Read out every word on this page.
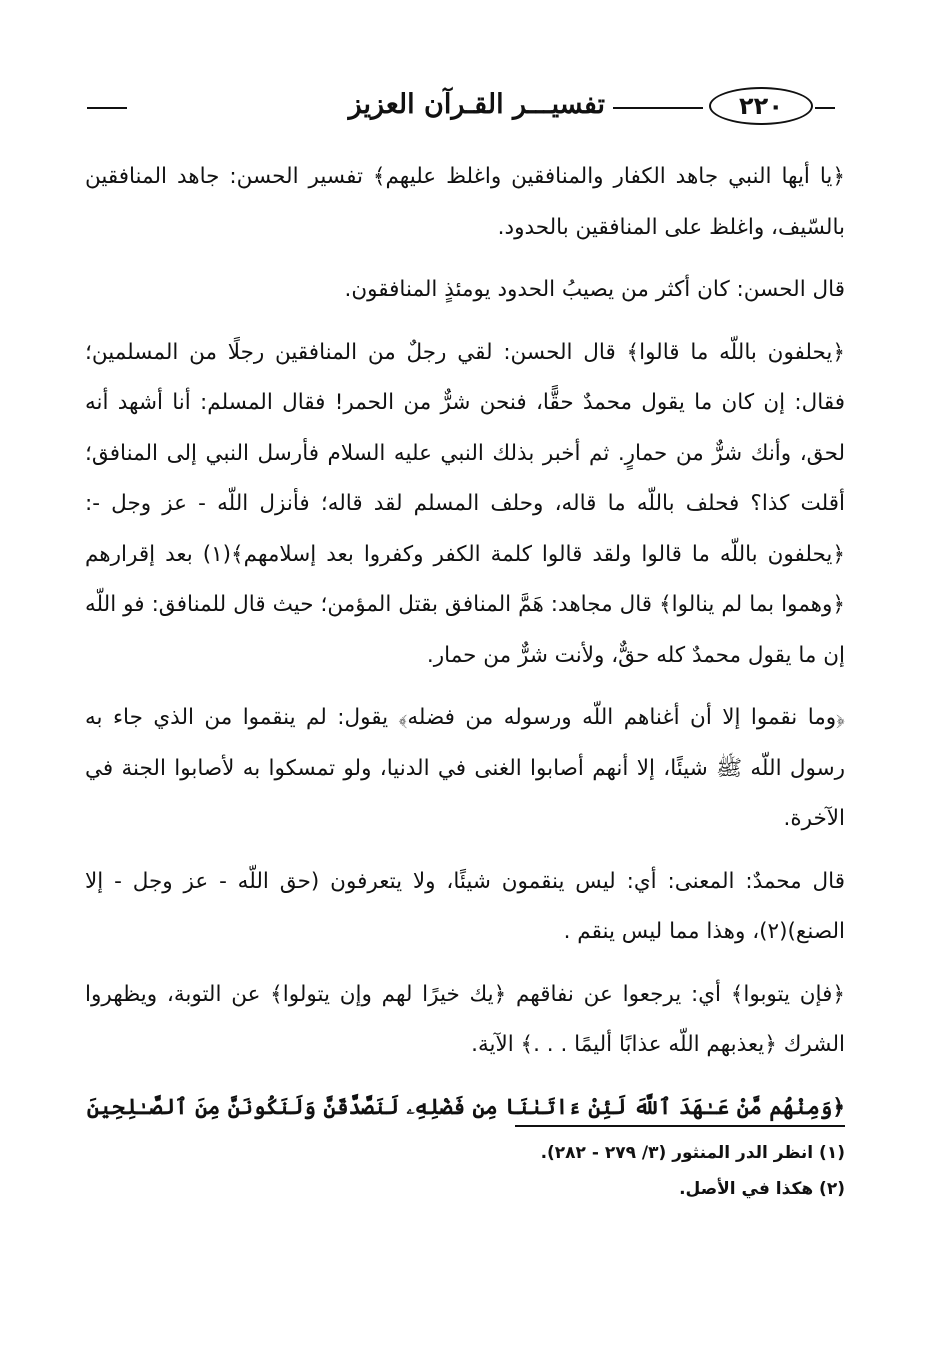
٢٢٠
تفسيـــر القـرآن العزيز

﴿يا أيها النبي جاهد الكفار والمنافقين واغلظ عليهم﴾ تفسير الحسن: جاهد المنافقين بالسّيف، واغلظ على المنافقين بالحدود.

قال الحسن: كان أكثر من يصيبُ الحدود يومئذٍ المنافقون.

﴿يحلفون باللّه ما قالوا﴾ قال الحسن: لقي رجلٌ من المنافقين رجلًا من المسلمين؛ فقال: إن كان ما يقول محمدٌ حقًّا، فنحن شرٌّ من الحمر! فقال المسلم: أنا أشهد أنه لحق، وأنك شرٌّ من حمارٍ. ثم أخبر بذلك النبي عليه السلام فأرسل النبي إلى المنافق؛ أقلت كذا؟ فحلف باللّه ما قاله، وحلف المسلم لقد قاله؛ فأنزل اللّه - عز وجل -: ﴿يحلفون باللّه ما قالوا ولقد قالوا كلمة الكفر وكفروا بعد إسلامهم﴾(١) بعد إقرارهم ﴿وهموا بما لم ينالوا﴾ قال مجاهد: هَمَّ المنافق بقتل المؤمن؛ حيث قال للمنافق: فو اللّه إن ما يقول محمدٌ كله حقٌّ، ولأنت شرٌّ من حمار.

﴿وما نقموا إلا أن أغناهم اللّه ورسوله من فضله﴾ يقول: لم ينقموا من الذي جاء به رسول اللّه ﷺ شيئًا، إلا أنهم أصابوا الغنى في الدنيا، ولو تمسكوا به لأصابوا الجنة في الآخرة.

قال محمدٌ: المعنى: أي: ليس ينقمون شيئًا، ولا يتعرفون (حق اللّه - عز وجل - إلا الصنع)(٢)، وهذا مما ليس ينقم .

﴿فإن يتوبوا﴾ أي: يرجعوا عن نفاقهم ﴿يك خيرًا لهم وإن يتولوا﴾ عن التوبة، ويظهروا الشرك ﴿يعذبهم اللّه عذابًا أليمًا . . .﴾ الآية.

﴿وَمِنْهُم مَّنْ عَـٰهَدَ ٱللَّهَ لَئِنْ ءَاتَىٰنَا مِن فَضْلِهِۦ لَنَصَّدَّقَنَّ وَلَنَكُونَنَّ مِنَ ٱلصَّـٰلِحِينَ

(١) انظر الدر المنثور (٣/ ٢٧٩ - ٢٨٢).
(٢) هكذا في الأصل.
